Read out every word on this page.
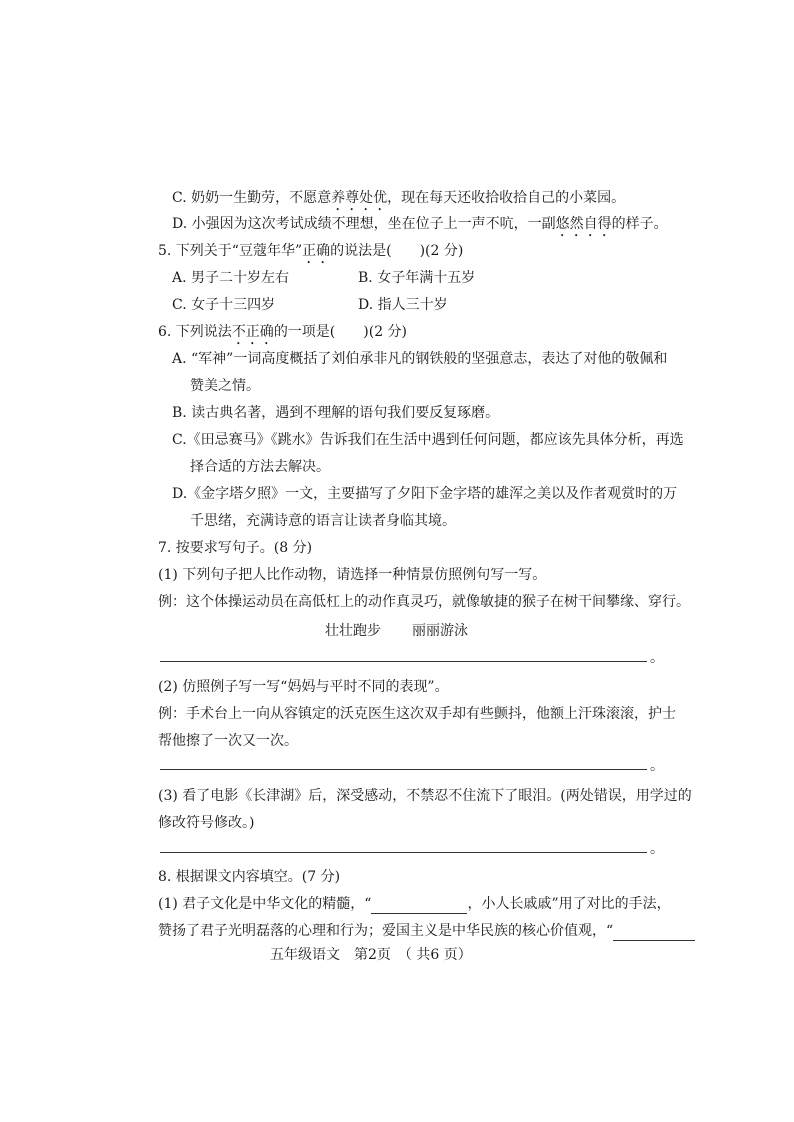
C. 奶奶一生勤劳，不愿意养尊处优，现在每天还收拾收拾自己的小菜园。
D. 小强因为这次考试成绩不理想，坐在位子上一声不吭，一副悠然自得的样子。
5. 下列关于“豆蔻年华”正确的说法是(　　)(2 分)
A. 男子二十岁左右	B. 女子年满十五岁
C. 女子十三四岁	D. 指人三十岁
6. 下列说法不正确的一项是(　　)(2 分)
A. “军神”一词高度概括了刘伯承非凡的钢铁般的坚强意志，表达了对他的敬佩和
赞美之情。
B. 读古典名著，遇到不理解的语句我们要反复琢磨。
C.《田忌赛马》《跳水》告诉我们在生活中遇到任何问题，都应该先具体分析，再选
择合适的方法去解决。
D.《金字塔夕照》一文，主要描写了夕阳下金字塔的雄浑之美以及作者观赏时的万
千思绪，充满诗意的语言让读者身临其境。
7. 按要求写句子。(8 分)
(1) 下列句子把人比作动物，请选择一种情景仿照例句写一写。
例：这个体操运动员在高低杠上的动作真灵巧，就像敏捷的猴子在树干间攀缘、穿行。
壮壮跑步 丽丽游泳
。
(2) 仿照例子写一写“妈妈与平时不同的表现”。
例：手术台上一向从容镇定的沃克医生这次双手却有些颤抖，他额上汗珠滚滚，护士
帮他擦了一次又一次。
。
(3) 看了电影《长津湖》后，深受感动，不禁忍不住流下了眼泪。(两处错误，用学过的
修改符号修改。)
。
8. 根据课文内容填空。(7 分)
(1) 君子文化是中华文化的精髓，“	，小人长戚戚”用了对比的手法，
赞扬了君子光明磊落的心理和行为；爱国主义是中华民族的核心价值观，“
五年级语文　第2页　（ 共6 页）
